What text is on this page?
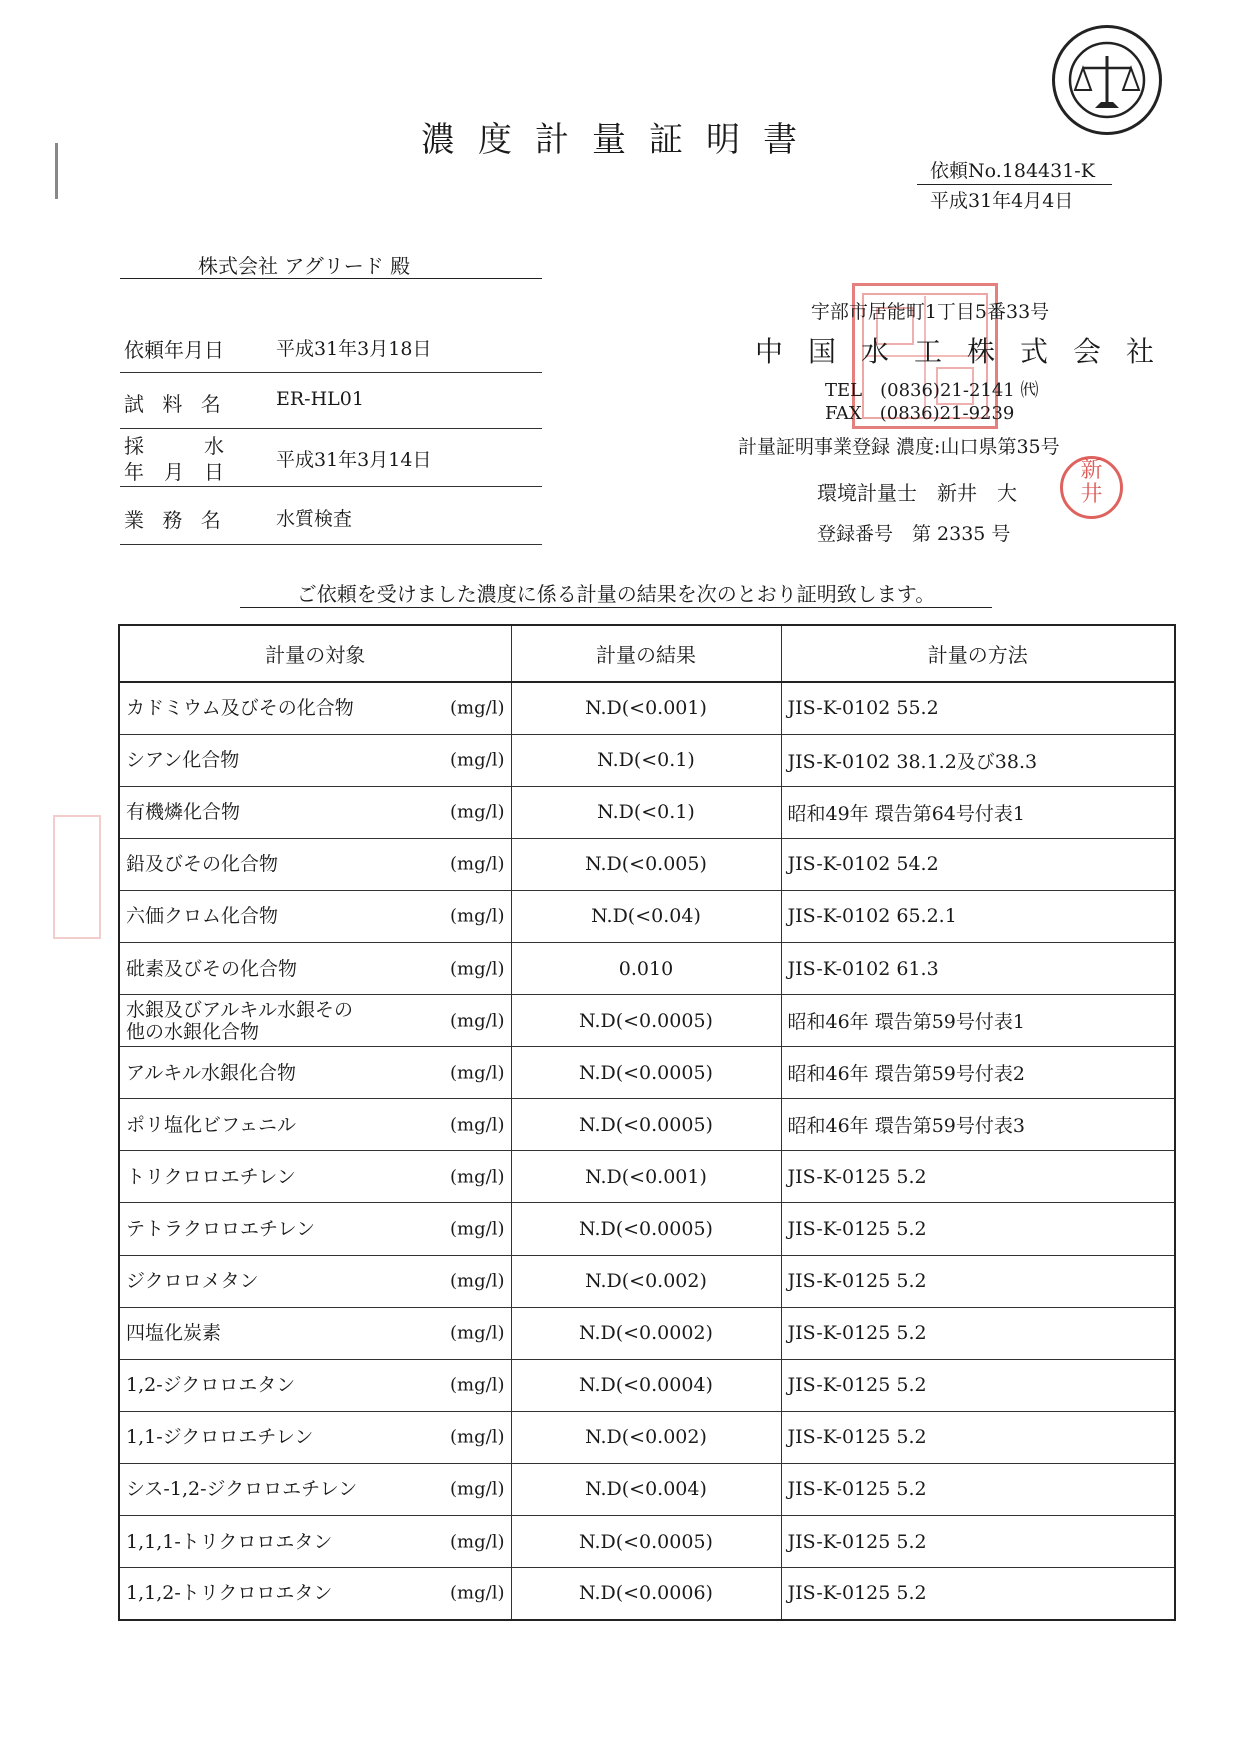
濃度計量証明書
依頼No.184431-K
平成31年4月4日
株式会社 アグリード 殿
依頼年月日	平成31年3月18日
試 料 名	ER-HL01
採　　　水
年　月　日	平成31年3月14日
業 務 名	水質検査
宇部市居能町1丁目5番33号
中国水工株式会社
TEL　(0836)21-2141 ㈹
FAX　(0836)21-9239
計量証明事業登録 濃度:山口県第35号
環境計量士　新井　大
登録番号　第 2335 号
新
井
ご依頼を受けました濃度に係る計量の結果を次のとおり証明致します。
計量の対象	計量の結果	計量の方法
カドミウム及びその化合物 (mg/l)	N.D(<0.001)	JIS-K-0102 55.2
シアン化合物 (mg/l)	N.D(<0.1)	JIS-K-0102 38.1.2及び38.3
有機燐化合物 (mg/l)	N.D(<0.1)	昭和49年 環告第64号付表1
鉛及びその化合物 (mg/l)	N.D(<0.005)	JIS-K-0102 54.2
六価クロム化合物 (mg/l)	N.D(<0.04)	JIS-K-0102 65.2.1
砒素及びその化合物 (mg/l)	0.010	JIS-K-0102 61.3
水銀及びアルキル水銀その
他の水銀化合物 (mg/l)	N.D(<0.0005)	昭和46年 環告第59号付表1
アルキル水銀化合物 (mg/l)	N.D(<0.0005)	昭和46年 環告第59号付表2
ポリ塩化ビフェニル (mg/l)	N.D(<0.0005)	昭和46年 環告第59号付表3
トリクロロエチレン (mg/l)	N.D(<0.001)	JIS-K-0125 5.2
テトラクロロエチレン (mg/l)	N.D(<0.0005)	JIS-K-0125 5.2
ジクロロメタン (mg/l)	N.D(<0.002)	JIS-K-0125 5.2
四塩化炭素 (mg/l)	N.D(<0.0002)	JIS-K-0125 5.2
1,2-ジクロロエタン (mg/l)	N.D(<0.0004)	JIS-K-0125 5.2
1,1-ジクロロエチレン (mg/l)	N.D(<0.002)	JIS-K-0125 5.2
シス-1,2-ジクロロエチレン (mg/l)	N.D(<0.004)	JIS-K-0125 5.2
1,1,1-トリクロロエタン (mg/l)	N.D(<0.0005)	JIS-K-0125 5.2
1,1,2-トリクロロエタン (mg/l)	N.D(<0.0006)	JIS-K-0125 5.2
